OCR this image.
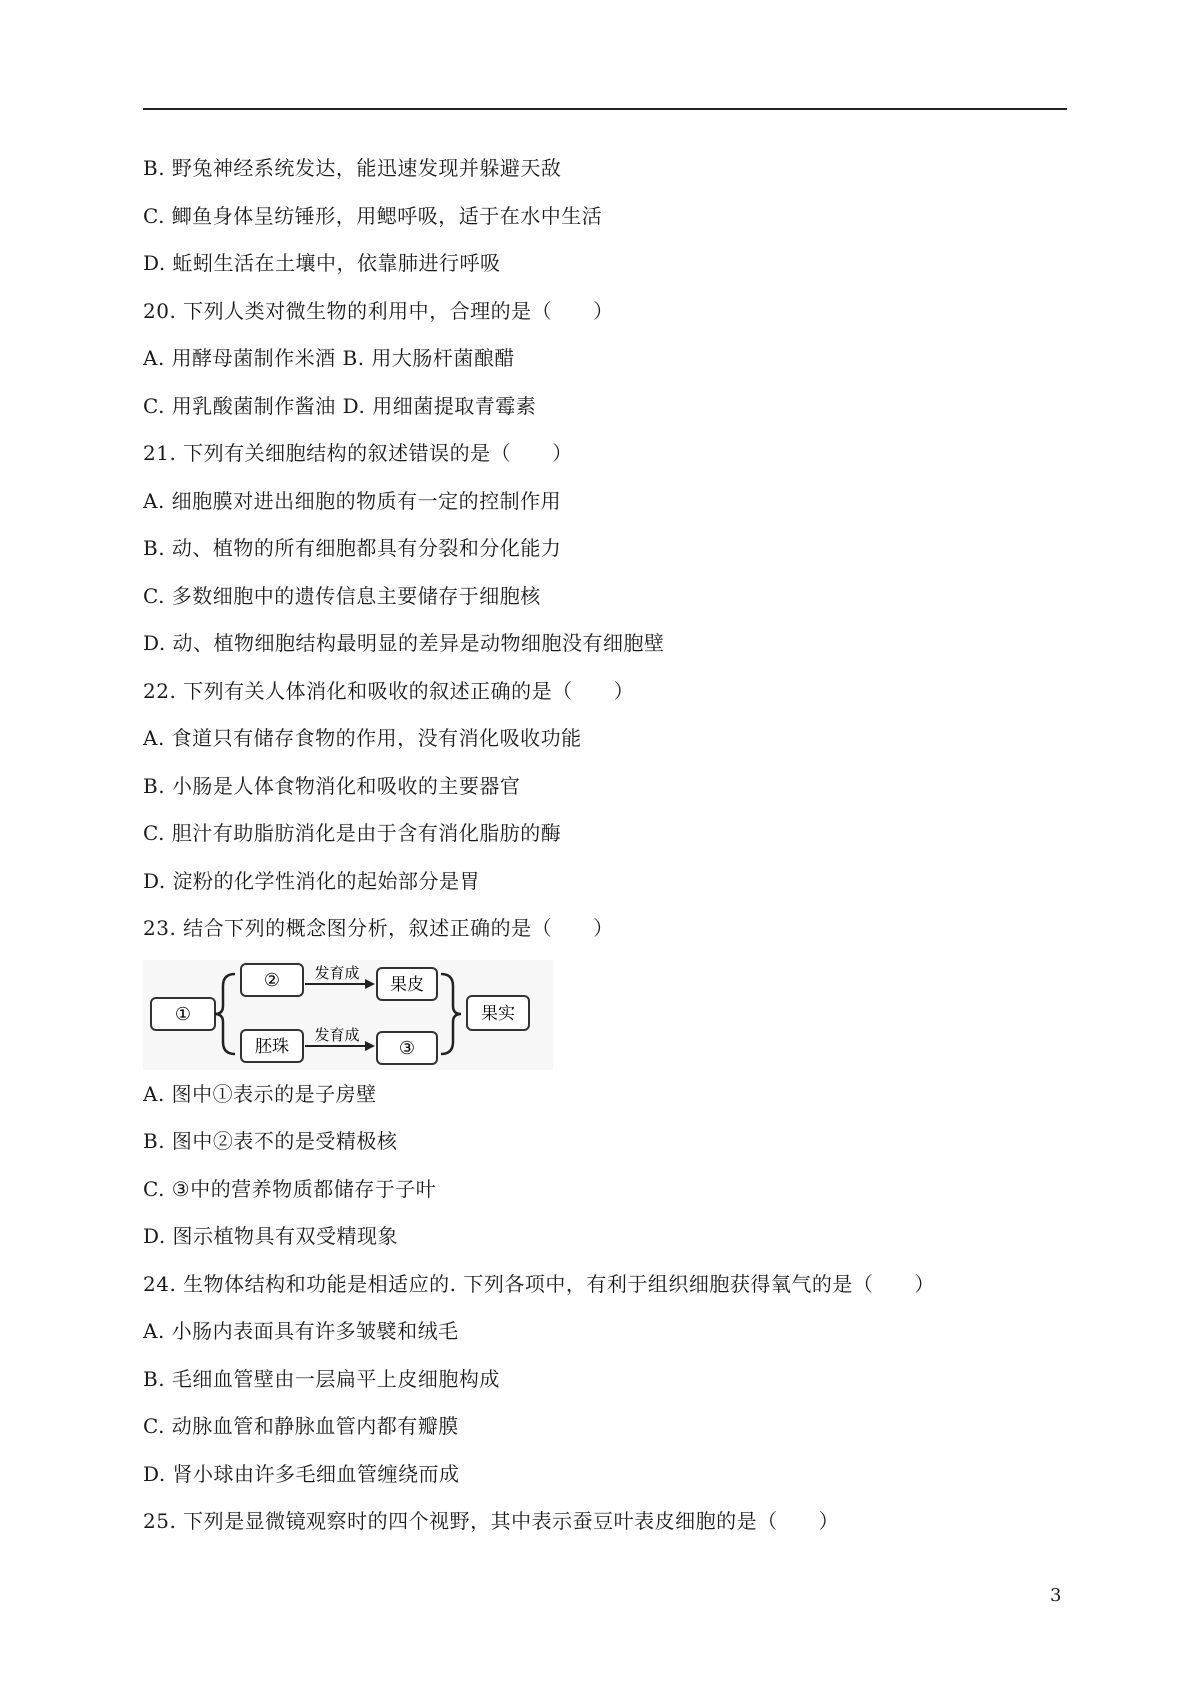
B. 野兔神经系统发达，能迅速发现并躲避天敌
C. 鲫鱼身体呈纺锤形，用鳃呼吸，适于在水中生活
D. 蚯蚓生活在土壤中，依靠肺进行呼吸
20. 下列人类对微生物的利用中，合理的是（　　）
A. 用酵母菌制作米酒 B. 用大肠杆菌酿醋
C. 用乳酸菌制作酱油 D. 用细菌提取青霉素
21. 下列有关细胞结构的叙述错误的是（　　）
A. 细胞膜对进出细胞的物质有一定的控制作用
B. 动、植物的所有细胞都具有分裂和分化能力
C. 多数细胞中的遗传信息主要储存于细胞核
D. 动、植物细胞结构最明显的差异是动物细胞没有细胞壁
22. 下列有关人体消化和吸收的叙述正确的是（　　）
A. 食道只有储存食物的作用，没有消化吸收功能
B. 小肠是人体食物消化和吸收的主要器官
C. 胆汁有助脂肪消化是由于含有消化脂肪的酶
D. 淀粉的化学性消化的起始部分是胃
23. 结合下列的概念图分析，叙述正确的是（　　）
①
②
胚珠
发育成
发育成
果皮
③
果实
A. 图中①表示的是子房壁
B. 图中②表不的是受精极核
C. ③中的营养物质都储存于子叶
D. 图示植物具有双受精现象
24. 生物体结构和功能是相适应的. 下列各项中，有利于组织细胞获得氧气的是（　　）
A. 小肠内表面具有许多皱襞和绒毛
B. 毛细血管壁由一层扁平上皮细胞构成
C. 动脉血管和静脉血管内都有瓣膜
D. 肾小球由许多毛细血管缠绕而成
25. 下列是显微镜观察时的四个视野，其中表示蚕豆叶表皮细胞的是（　　）
3
